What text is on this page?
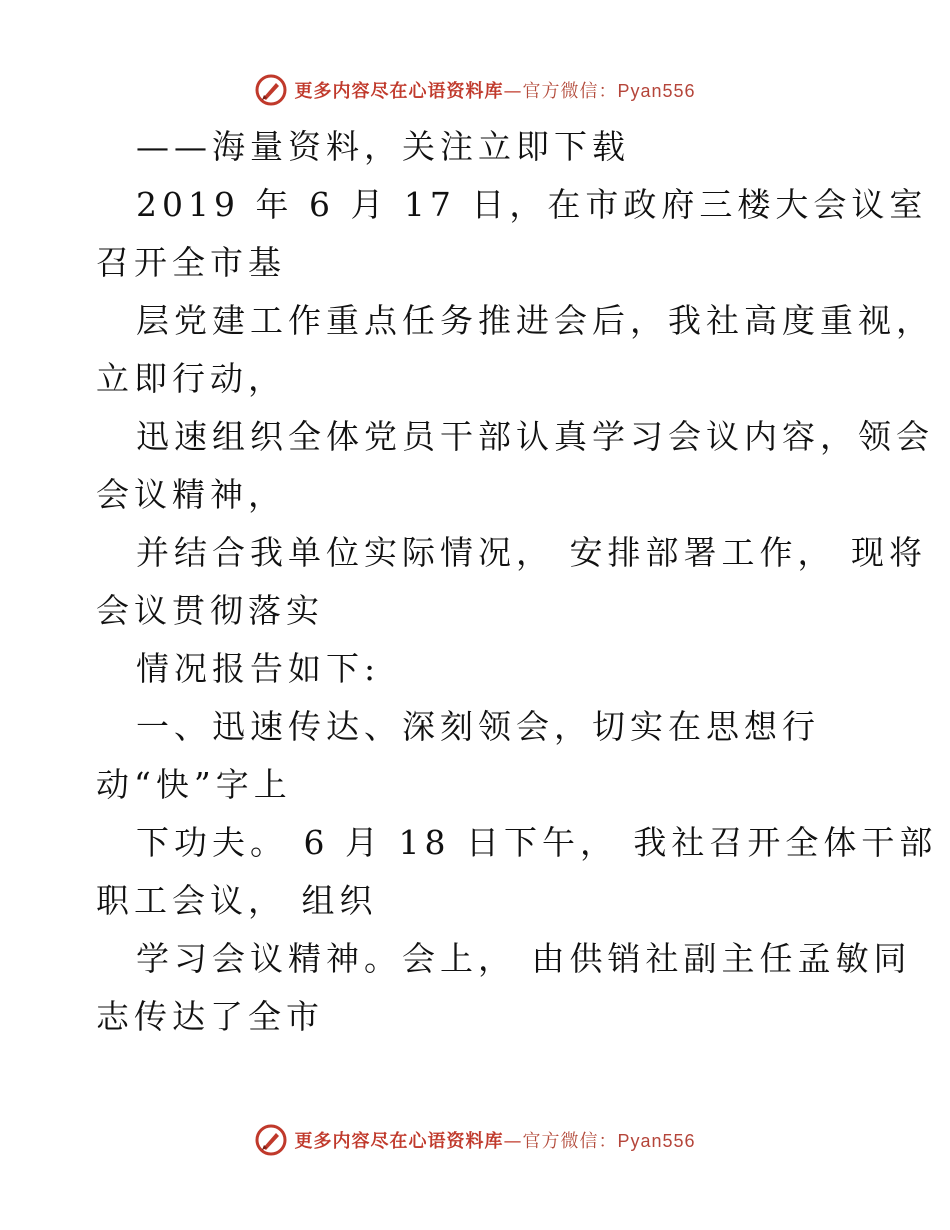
更多内容尽在心语资料库—官方微信：Pyan556
——海量资料，关注立即下载
2019 年 6 月 17 日，在市政府三楼大会议室
召开全市基
层党建工作重点任务推进会后，我社高度重视，
立即行动，
迅速组织全体党员干部认真学习会议内容，领会
会议精神，
并结合我单位实际情况， 安排部署工作， 现将
会议贯彻落实
情况报告如下:
一、迅速传达、深刻领会，切实在思想行
动“快”字上
下功夫。 6 月 18 日下午， 我社召开全体干部
职工会议， 组织
学习会议精神。会上， 由供销社副主任孟敏同
志传达了全市
更多内容尽在心语资料库—官方微信：Pyan556
